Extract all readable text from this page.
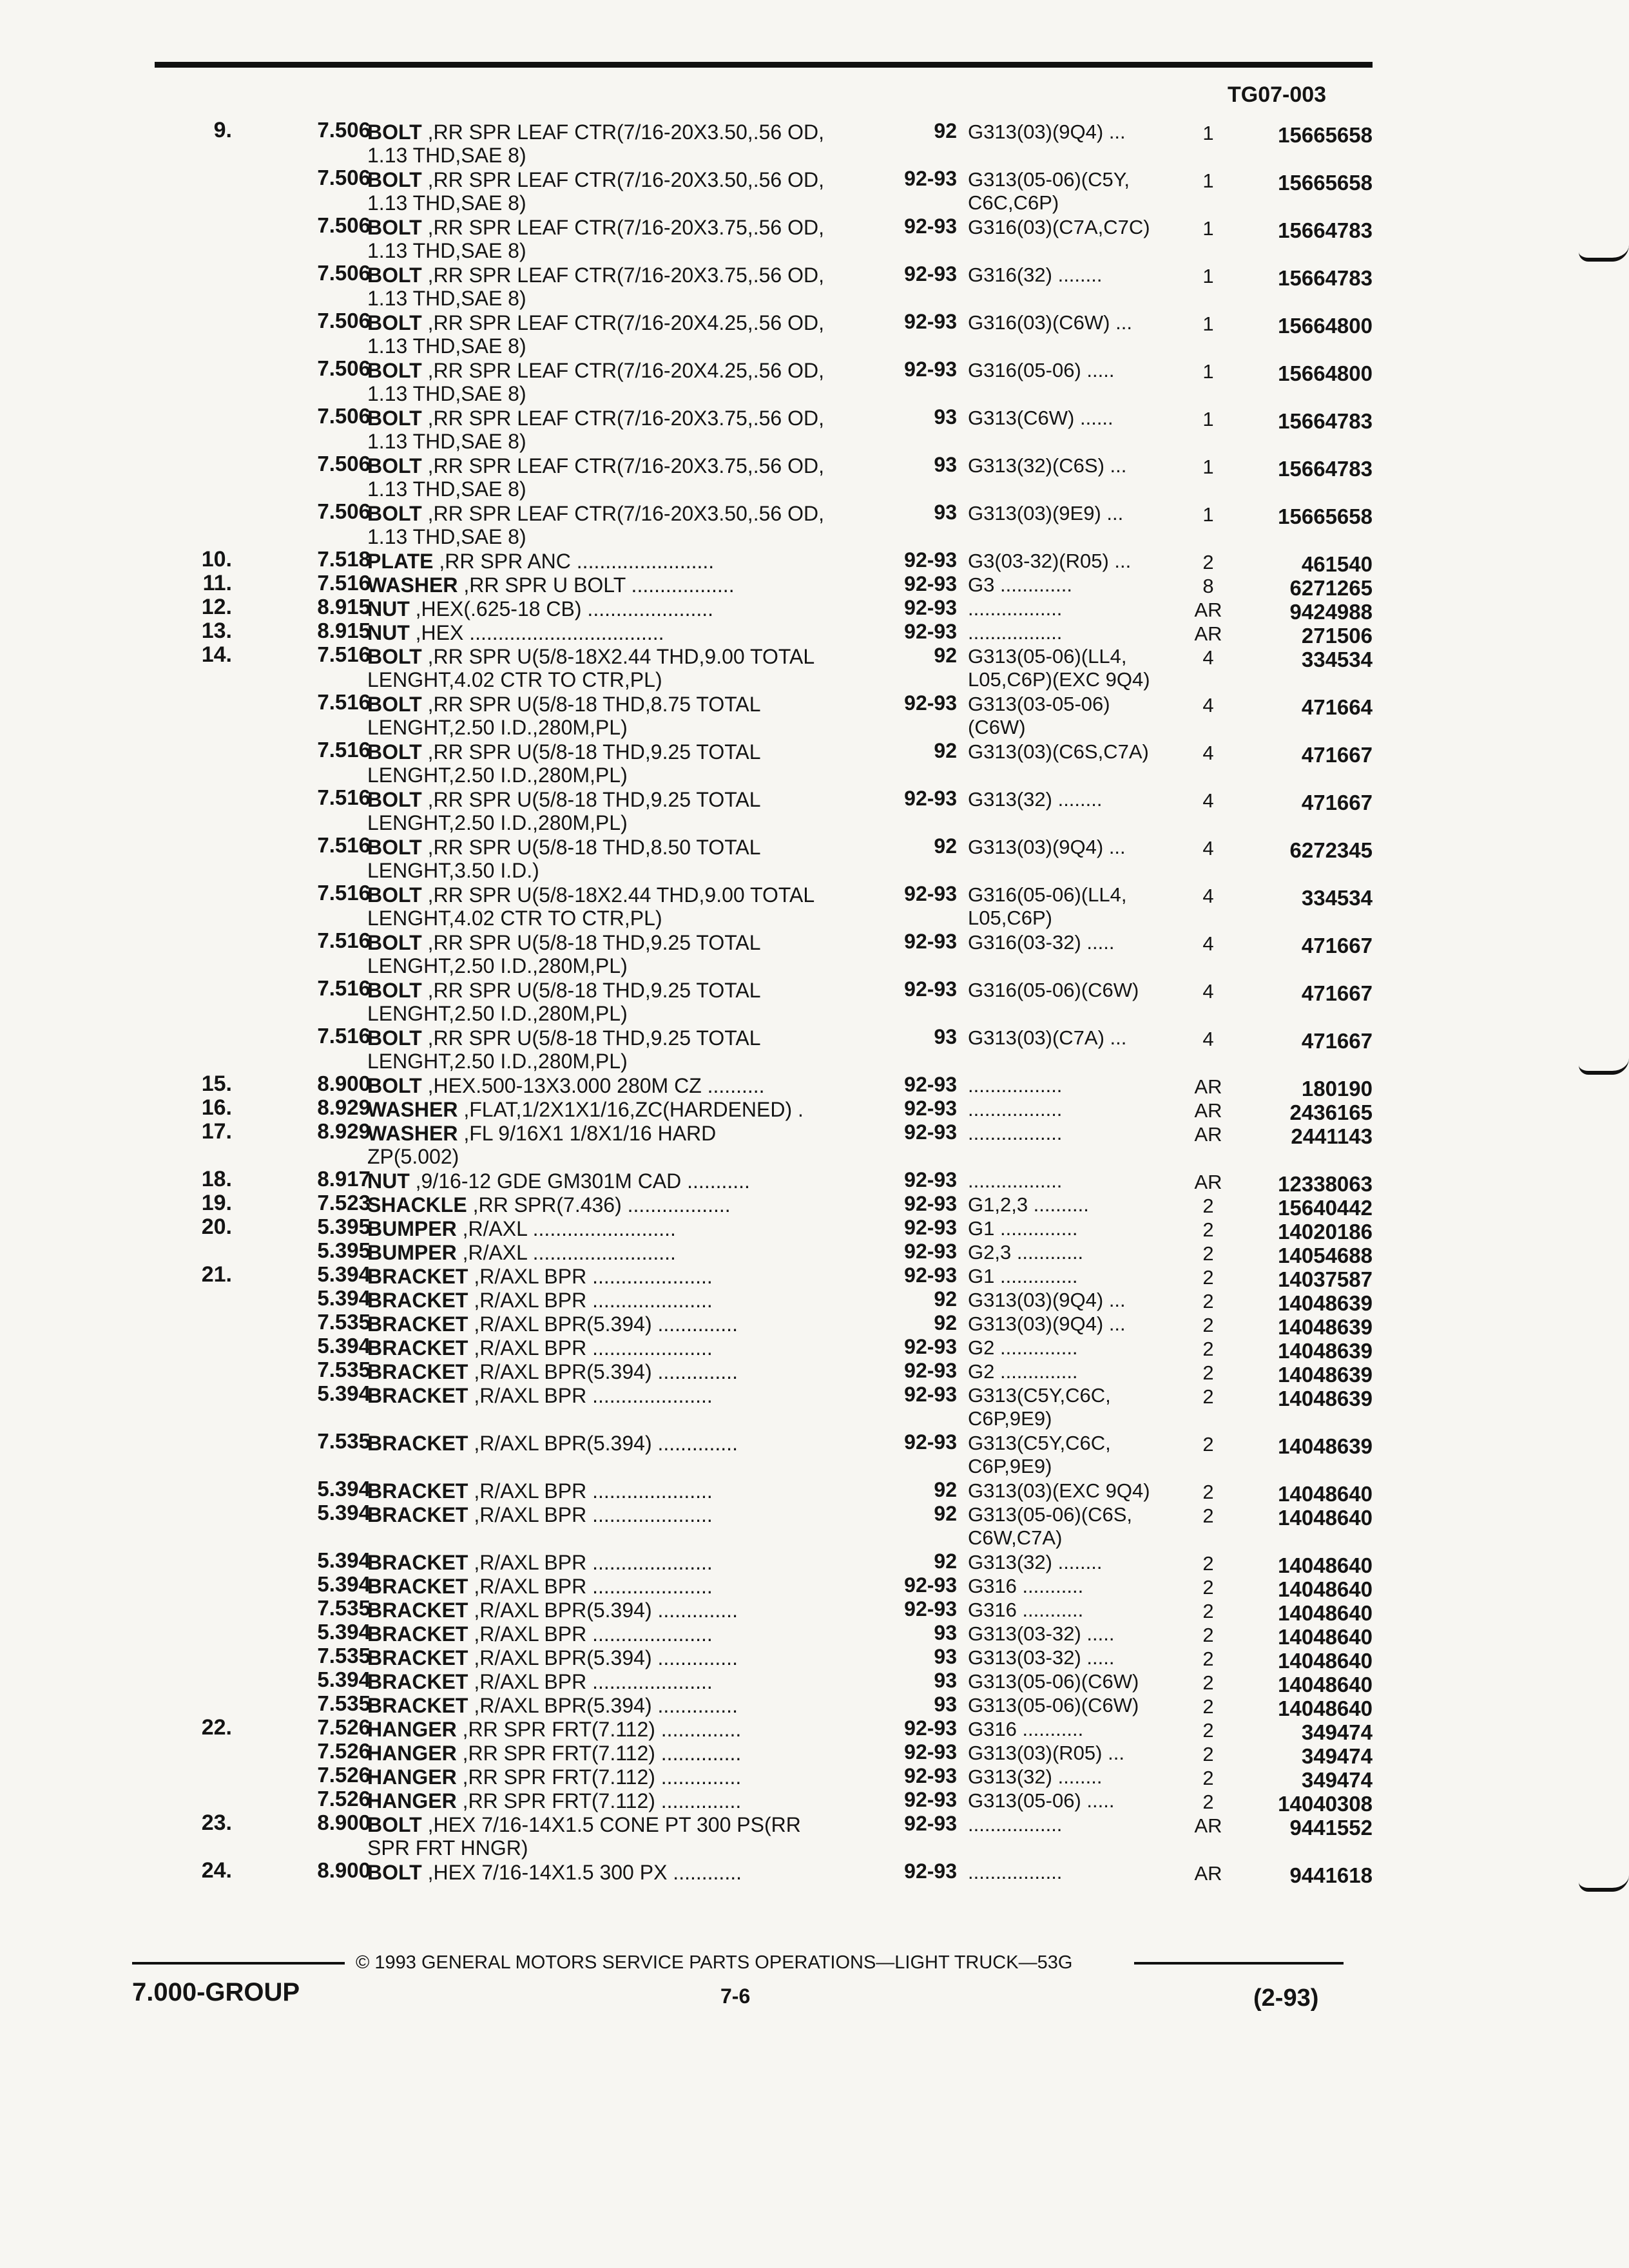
TG07-003
9.	7.506
BOLT ,RR SPR LEAF CTR(7/16-20X3.50,.56 OD,
1.13 THD,SAE 8)
92 G313(03)(9Q4) ...	1	15665658
7.506
BOLT ,RR SPR LEAF CTR(7/16-20X3.50,.56 OD,
1.13 THD,SAE 8)
92-93 G313(05-06)(C5Y,
C6C,C6P)
1	15665658
7.506
BOLT ,RR SPR LEAF CTR(7/16-20X3.75,.56 OD,
1.13 THD,SAE 8)
92-93 G316(03)(C7A,C7C)	1	15664783
7.506
BOLT ,RR SPR LEAF CTR(7/16-20X3.75,.56 OD,
1.13 THD,SAE 8)
92-93 G316(32) ........	1	15664783
7.506
BOLT ,RR SPR LEAF CTR(7/16-20X4.25,.56 OD,
1.13 THD,SAE 8)
92-93 G316(03)(C6W) ...	1	15664800
7.506
BOLT ,RR SPR LEAF CTR(7/16-20X4.25,.56 OD,
1.13 THD,SAE 8)
92-93 G316(05-06) .....	1	15664800
7.506
BOLT ,RR SPR LEAF CTR(7/16-20X3.75,.56 OD,
1.13 THD,SAE 8)
93 G313(C6W) ......	1	15664783
7.506
BOLT ,RR SPR LEAF CTR(7/16-20X3.75,.56 OD,
1.13 THD,SAE 8)
93 G313(32)(C6S) ...	1	15664783
7.506
BOLT ,RR SPR LEAF CTR(7/16-20X3.50,.56 OD,
1.13 THD,SAE 8)
93 G313(03)(9E9) ...	1	15665658
10.	7.518
PLATE ,RR SPR ANC ........................	92-93 G3(03-32)(R05) ...	2	461540
11.	7.516
WASHER ,RR SPR U BOLT ..................	92-93 G3 .............	8	6271265
12.	8.915
NUT ,HEX(.625-18 CB) ......................	92-93 .................	AR	9424988
13.	8.915
NUT ,HEX ..................................	92-93 .................	AR	271506
14.	7.516
BOLT ,RR SPR U(5/8-18X2.44 THD,9.00 TOTAL
LENGHT,4.02 CTR TO CTR,PL)
92 G313(05-06)(LL4,
L05,C6P)(EXC 9Q4)
4	334534
7.516
BOLT ,RR SPR U(5/8-18 THD,8.75 TOTAL
LENGHT,2.50 I.D.,280M,PL)
92-93 G313(03-05-06)
(C6W)
4	471664
7.516
BOLT ,RR SPR U(5/8-18 THD,9.25 TOTAL
LENGHT,2.50 I.D.,280M,PL)
92 G313(03)(C6S,C7A)	4	471667
7.516
BOLT ,RR SPR U(5/8-18 THD,9.25 TOTAL
LENGHT,2.50 I.D.,280M,PL)
92-93 G313(32) ........	4	471667
7.516
BOLT ,RR SPR U(5/8-18 THD,8.50 TOTAL
LENGHT,3.50 I.D.)
92 G313(03)(9Q4) ...	4	6272345
7.516
BOLT ,RR SPR U(5/8-18X2.44 THD,9.00 TOTAL
LENGHT,4.02 CTR TO CTR,PL)
92-93 G316(05-06)(LL4,
L05,C6P)
4	334534
7.516
BOLT ,RR SPR U(5/8-18 THD,9.25 TOTAL
LENGHT,2.50 I.D.,280M,PL)
92-93 G316(03-32) .....	4	471667
7.516
BOLT ,RR SPR U(5/8-18 THD,9.25 TOTAL
LENGHT,2.50 I.D.,280M,PL)
92-93 G316(05-06)(C6W)	4	471667
7.516
BOLT ,RR SPR U(5/8-18 THD,9.25 TOTAL
LENGHT,2.50 I.D.,280M,PL)
93 G313(03)(C7A) ...	4	471667
15.	8.900
BOLT ,HEX.500-13X3.000 280M CZ ..........	92-93 .................	AR	180190
16.	8.929
WASHER ,FLAT,1/2X1X1/16,ZC(HARDENED) .	92-93 .................	AR	2436165
17.	8.929
WASHER ,FL 9/16X1 1/8X1/16 HARD
ZP(5.002)
92-93 .................	AR	2441143
18.	8.917
NUT ,9/16-12 GDE GM301M CAD ...........	92-93 .................	AR	12338063
19.	7.523
SHACKLE ,RR SPR(7.436) ..................	92-93 G1,2,3 ..........	2	15640442
20.	5.395
BUMPER ,R/AXL .........................	92-93 G1 ..............	2	14020186
5.395
BUMPER ,R/AXL .........................	92-93 G2,3 ............	2	14054688
21.	5.394
BRACKET ,R/AXL BPR .....................	92-93 G1 ..............	2	14037587
5.394
BRACKET ,R/AXL BPR .....................	92 G313(03)(9Q4) ...	2	14048639
7.535
BRACKET ,R/AXL BPR(5.394) ..............	92 G313(03)(9Q4) ...	2	14048639
5.394
BRACKET ,R/AXL BPR .....................	92-93 G2 ..............	2	14048639
7.535
BRACKET ,R/AXL BPR(5.394) ..............	92-93 G2 ..............	2	14048639
5.394
BRACKET ,R/AXL BPR .....................	92-93 G313(C5Y,C6C,
C6P,9E9)
2	14048639
7.535
BRACKET ,R/AXL BPR(5.394) ..............	92-93 G313(C5Y,C6C,
C6P,9E9)
2	14048639
5.394
BRACKET ,R/AXL BPR .....................	92 G313(03)(EXC 9Q4)	2	14048640
5.394
BRACKET ,R/AXL BPR .....................	92 G313(05-06)(C6S,
C6W,C7A)
2	14048640
5.394
BRACKET ,R/AXL BPR .....................	92 G313(32) ........	2	14048640
5.394
BRACKET ,R/AXL BPR .....................	92-93 G316 ...........	2	14048640
7.535
BRACKET ,R/AXL BPR(5.394) ..............	92-93 G316 ...........	2	14048640
5.394
BRACKET ,R/AXL BPR .....................	93 G313(03-32) .....	2	14048640
7.535
BRACKET ,R/AXL BPR(5.394) ..............	93 G313(03-32) .....	2	14048640
5.394
BRACKET ,R/AXL BPR .....................	93 G313(05-06)(C6W)	2	14048640
7.535
BRACKET ,R/AXL BPR(5.394) ..............	93 G313(05-06)(C6W)	2	14048640
22.	7.526
HANGER ,RR SPR FRT(7.112) ..............	92-93 G316 ...........	2	349474
7.526
HANGER ,RR SPR FRT(7.112) ..............	92-93 G313(03)(R05) ...	2	349474
7.526
HANGER ,RR SPR FRT(7.112) ..............	92-93 G313(32) ........	2	349474
7.526
HANGER ,RR SPR FRT(7.112) ..............	92-93 G313(05-06) .....	2	14040308
23.	8.900
BOLT ,HEX 7/16-14X1.5 CONE PT 300 PS(RR
SPR FRT HNGR)
92-93 .................	AR	9441552
24.	8.900
BOLT ,HEX 7/16-14X1.5 300 PX ............	92-93 .................	AR	9441618
© 1993 GENERAL MOTORS SERVICE PARTS OPERATIONS—LIGHT TRUCK—53G
7.000-GROUP	7-6	(2-93)
